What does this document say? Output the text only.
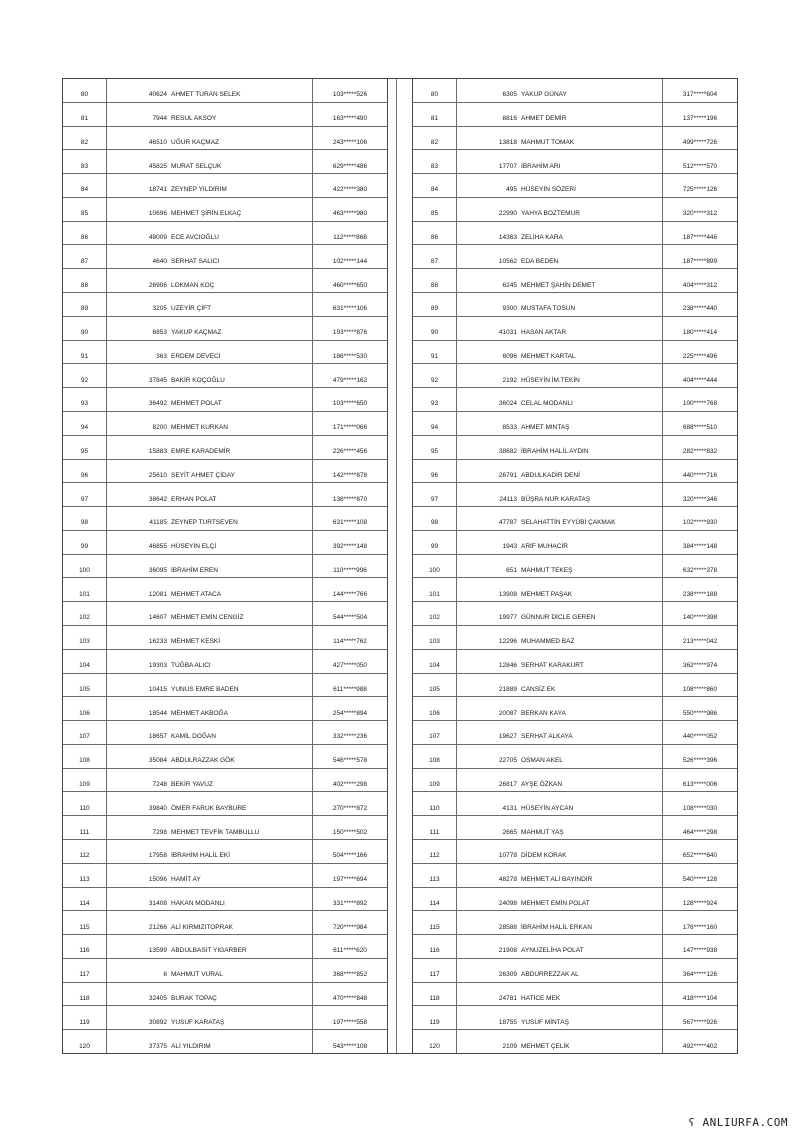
80	40624 AHMET TURAN SELEK	103*****526
81	7944 RESUL AKSOY	163*****490
82	46510 UĞUR KAÇMAZ	243*****106
83	45825 MURAT SELÇUK	629*****486
84	18741 ZEYNEP YILDIRIM	422*****380
85	10696 MEHMET ŞİRİN ELKAÇ	463*****980
86	48009 ECE AVCIOĞLU	112*****868
87	4640 SERHAT SALICI	102*****144
88	26906 LOKMAN KOÇ	460*****650
89	3205 UZEYİR ÇİFT	631*****106
90	6853 YAKUP KAÇMAZ	193*****876
91	363 ERDEM DEVECİ	186*****530
92	37845 BAKİR KOÇOĞLU	479*****162
93	36492 MEHMET POLAT	103*****650
94	8200 MEHMET KURKAN	171*****066
95	15883 EMRE KARADEMİR	226*****456
96	25610 SEYİT AHMET ÇİDAY	142*****878
97	38642 ERHAN POLAT	138*****870
98	41185 ZEYNEP TURTSEVEN	631*****108
99	46855 HÜSEYİN ELÇİ	392*****148
100	36095 İBRAHİM EREN	110*****996
101	12081 MEHMET ATACA	144*****766
102	14607 MEHMET EMİN CENGİZ	544*****504
103	16233 MEHMET KESKİ	114*****762
104	19303 TUĞBA ALICI	427*****050
105	10415 YUNUS EMRE BADEN	611*****988
106	18544 MEHMET AKBOĞA	254*****894
107	18657 KAMİL DOĞAN	332*****236
108	35084 ABDULRAZZAK GÖK	546*****578
109	7248 BEKİR YAVUZ	402*****298
110	39840 ÖMER FARUK BAYBURE	270*****872
111	7298 MEHMET TEVFİK TAMBULLU	150*****502
112	17958 İBRAHİM HALİL EKİ	504*****166
113	15096 HAMİT AY	197*****694
114	31408 HAKAN MODANLI	331*****892
115	21266 ALİ KIRMIZITOPRAK	720*****984
116	13599 ABDULBASIT YIGARBER	611*****620
117	6 MAHMUT VURAL	368*****852
118	32405 BURAK TOPAÇ	470*****848
119	30892 YUSUF KARATAŞ	197*****558
120	37375 ALİ YILDIRIM	543*****108
80	6305 YAKUP GÜNAY	317*****604
81	8816 AHMET DEMİR	137*****196
82	13818 MAHMUT TOMAK	499*****726
83	17707 İBRAHİM ARI	512*****570
84	495 HÜSEYİN SÖZERİ	725*****126
85	22990 YAHYA BOZTEMUR	320*****312
86	14363 ZELİHA KARA	187*****446
87	10562 EDA BEDEN	187*****899
88	6245 MEHMET ŞAHİN DEMET	404*****312
89	9300 MUSTAFA TOSUN	238*****440
90	41031 HASAN AKTAR	180*****414
91	6096 MEHMET KARTAL	225*****496
92	2192 HÜSEYİN İM.TEKİN	404*****444
93	36024 CELAL MODANLI	100*****768
94	8533 AHMET MINTAŞ	688*****510
95	38682 İBRAHİM HALİL AYDIN	282*****832
96	26791 ABDULKADİR DENİ	440*****716
97	24113 BÜŞRA NUR KARATAŞ	320*****346
98	47787 SELAHATTİN EYYÜBİ ÇAKMAK	102*****930
99	1943 ARİF MUHACİR	384*****148
100	651 MAHMUT TEKEŞ	632*****378
101	13908 MEHMET PAŞAK	238*****188
102	19977 GÜNNUR DİCLE GEREN	140*****398
103	12296 MUHAMMED BAZ	213*****042
104	12846 SERHAT KARAKURT	362*****974
105	21889 CANSİZ EK	108*****860
106	20087 BERKAN KAYA	550*****986
107	19627 SERHAT ALKAYA	440*****052
108	22705 OSMAN AKEL	526*****396
109	26817 AYŞE ÖZKAN	613*****006
110	4131 HÜSEYİN AYCAN	108*****030
111	2665 MAHMUT YAŞ	464*****298
112	10778 DİDEM KORAK	652*****640
113	48278 MEHMET ALİ BAYINDIR	540*****128
114	24098 MEHMET EMİN POLAT	128*****924
115	28588 İBRAHİM HALİL ERKAN	176*****160
116	21908 AYNUZELİHA POLAT	147*****938
117	26309 ABDURREZZAK AL	364*****126
118	24781 HATİCE MEK	418*****104
119	18755 YUSUF MİNTAŞ	567*****926
120	2109 MEHMET ÇELİK	492*****402
ʕ ANLIURFA.COM
